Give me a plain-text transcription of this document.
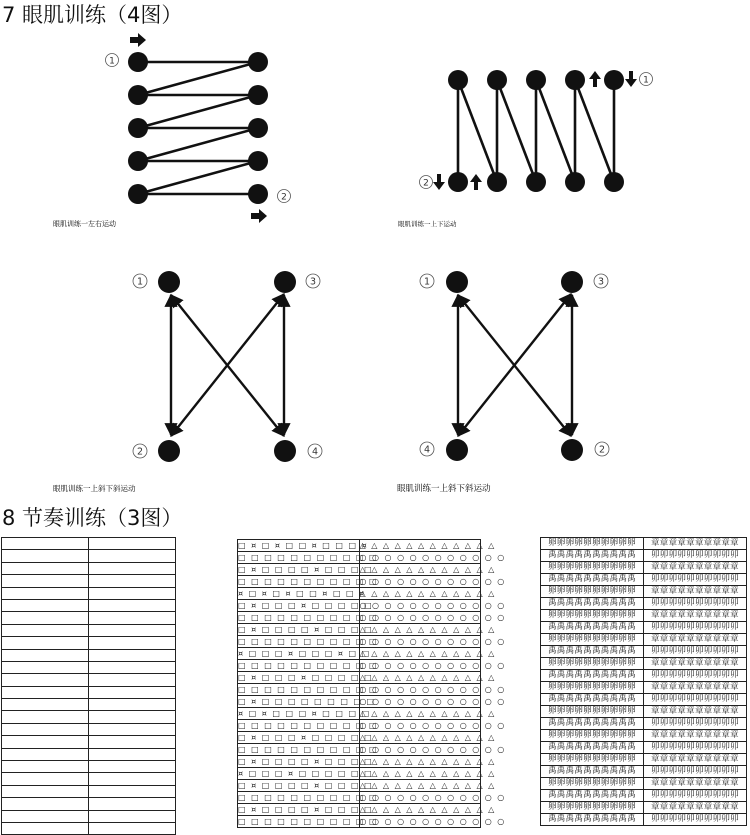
7 眼肌训练（4图）
8 节奏训练（3图）
1
2
眼肌训练一左右运动
2
1
眼肌训练一上下运动
1	3
2	4
眼肌训练一上斜下斜运动
1	3
4	2
眼肌训练一上斜下斜运动

□ ¤ □ ¤ □ □ ¤ □ □ □ ¤	△ △ △ △ △ △ △ △ △ △ △ △
□ □ □ □ □ □ □ □ □ □ □	○ ○ ○ ○ ○ ○ ○ ○ ○ ○ ○ ○
□ ¤ □ □ □ □ ¤ □ □ □ □	△ △ △ △ △ △ △ △ △ △ △ △
□ □ □ □ □ □ □ □ □ □ □	○ ○ ○ ○ ○ ○ ○ ○ ○ ○ ○ ○
¤ □ ¤ □ ¤ □ □ ¤ □ □ ¤	△ △ △ △ △ △ △ △ △ △ △ △
□ ¤ □ □ □ ¤ □ □ □ □ □	○ ○ ○ ○ ○ ○ ○ ○ ○ ○ ○ ○
□ □ □ □ □ □ □ □ □ □ □	○ ○ ○ ○ ○ ○ ○ ○ ○ ○ ○ ○
□ ¤ □ □ □ □ ¤ □ □ □ □	△ △ △ △ △ △ △ △ △ △ △ △
□ □ □ □ □ □ □ □ □ □ □	○ ○ ○ ○ ○ ○ ○ ○ ○ ○ ○ ○
¤ □ □ □ ¤ □ □ □ ¤ □ □	△ △ △ △ △ △ △ △ △ △ △ △
□ □ □ □ □ □ □ □ □ □ □	○ ○ ○ ○ ○ ○ ○ ○ ○ ○ ○ ○
□ ¤ □ □ □ ¤ □ □ □ □ □	△ △ △ △ △ △ △ △ △ △ △ △
□ □ □ □ □ □ □ □ □ □ □	○ ○ ○ ○ ○ ○ ○ ○ ○ ○ ○ ○
□ ¤ □ □ □ □ □ □ □ □ □	○ ○ ○ ○ ○ ○ ○ ○ ○ ○ ○ ○
¤ □ ¤ □ □ □ ¤ □ □ □ □	△ △ △ △ △ △ △ △ △ △ △ △
□ □ □ □ □ □ □ □ □ □ □	○ ○ ○ ○ ○ ○ ○ ○ ○ ○ ○ ○
□ ¤ □ □ □ ¤ □ □ □ □ □	△ △ △ △ △ △ △ △ △ △ △ △
□ □ □ □ □ □ □ □ □ □ □	○ ○ ○ ○ ○ ○ ○ ○ ○ ○ ○ ○
□ ¤ □ □ □ □ ¤ □ □ □ □	△ △ △ △ △ △ △ △ △ △ △ △
¤ □ □ □ ¤ □ □ □ □ □ □	△ △ △ △ △ △ △ △ △ △ △ △
□ ¤ □ □ □ □ ¤ □ □ □ □	△ △ △ △ △ △ △ △ △ △ △ △
□ □ □ □ □ □ □ □ □ □ □	○ ○ ○ ○ ○ ○ ○ ○ ○ ○ ○ ○
□ ¤ □ □ □ □ ¤ □ □ □ □	△ △ △ △ △ △ △ △ △ △ △ △
□ □ □ □ □ □ □ □ □ □ □	○ ○ ○ ○ ○ ○ ○ ○ ○ ○ ○ ○
卵卵卵卵卵卵卵卵卵卵	章章章章章章章章章章
禹禹禹禹禹禹禹禹禹禹	卯卯卯卯卯卯卯卯卯卯
卵卵卵卵卵卵卵卵卵卵	章章章章章章章章章章
禹禹禹禹禹禹禹禹禹禹	卯卯卯卯卯卯卯卯卯卯
卵卵卵卵卵卵卵卵卵卵	章章章章章章章章章章
禹禹禹禹禹禹禹禹禹禹	卯卯卯卯卯卯卯卯卯卯
卵卵卵卵卵卵卵卵卵卵	章章章章章章章章章章
禹禹禹禹禹禹禹禹禹禹	卯卯卯卯卯卯卯卯卯卯
卵卵卵卵卵卵卵卵卵卵	章章章章章章章章章章
禹禹禹禹禹禹禹禹禹禹	卯卯卯卯卯卯卯卯卯卯
卵卵卵卵卵卵卵卵卵卵	章章章章章章章章章章
禹禹禹禹禹禹禹禹禹禹	卯卯卯卯卯卯卯卯卯卯
卵卵卵卵卵卵卵卵卵卵	章章章章章章章章章章
禹禹禹禹禹禹禹禹禹禹	卯卯卯卯卯卯卯卯卯卯
卵卵卵卵卵卵卵卵卵卵	章章章章章章章章章章
禹禹禹禹禹禹禹禹禹禹	卯卯卯卯卯卯卯卯卯卯
卵卵卵卵卵卵卵卵卵卵	章章章章章章章章章章
禹禹禹禹禹禹禹禹禹禹	卯卯卯卯卯卯卯卯卯卯
卵卵卵卵卵卵卵卵卵卵	章章章章章章章章章章
禹禹禹禹禹禹禹禹禹禹	卯卯卯卯卯卯卯卯卯卯
卵卵卵卵卵卵卵卵卵卵	章章章章章章章章章章
禹禹禹禹禹禹禹禹禹禹	卯卯卯卯卯卯卯卯卯卯
卵卵卵卵卵卵卵卵卵卵	章章章章章章章章章章
禹禹禹禹禹禹禹禹禹禹	卯卯卯卯卯卯卯卯卯卯
